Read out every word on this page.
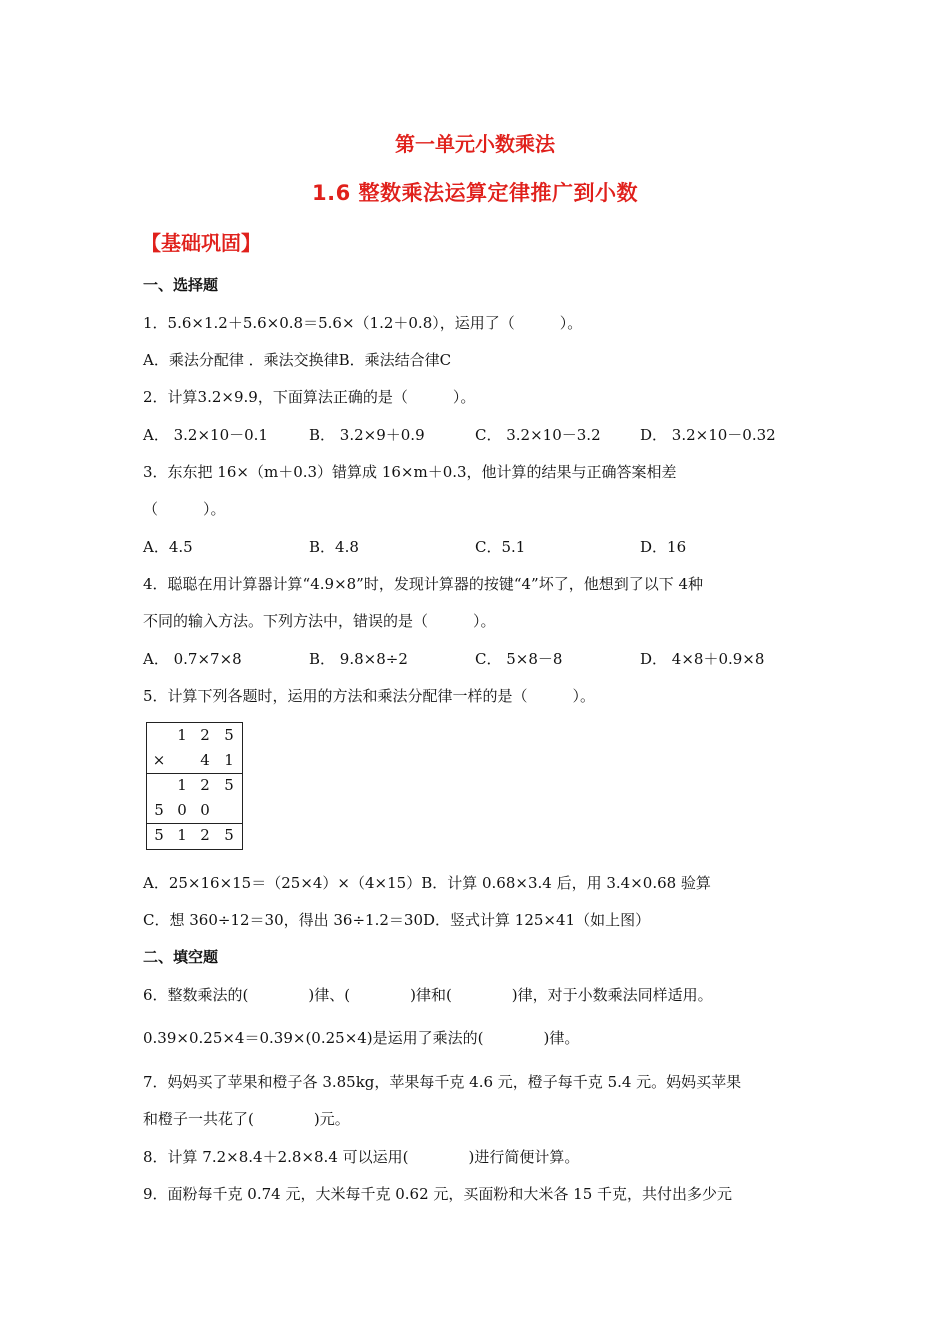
第一单元小数乘法
1.6 整数乘法运算定律推广到小数
【基础巩固】
一、选择题
1．5.6×1.2＋5.6×0.8＝5.6×（1.2＋0.8），运用了（　　　）。
A．乘法分配律 ．乘法交换律B．乘法结合律C
2．计算3.2×9.9，下面算法正确的是（　　　）。
A． 3.2×10－0.1	B． 3.2×9＋0.9	C． 3.2×10－3.2	D． 3.2×10－0.32
3．东东把 16×（m＋0.3）错算成 16×m＋0.3，他计算的结果与正确答案相差
（　　　）。
A．4.5	B．4.8	C．5.1	D．16
4．聪聪在用计算器计算“4.9×8”时，发现计算器的按键“4”坏了，他想到了以下 4种
不同的输入方法。下列方法中，错误的是（　　　）。
A． 0.7×7×8	B． 9.8×8÷2	C． 5×8－8	D． 4×8＋0.9×8
5．计算下列各题时，运用的方法和乘法分配律一样的是（　　　）。
1 2 5
×	4 1
1 2 5
5 0 0
5 1 2 5
A．25×16×15＝（25×4）×（4×15）B．计算 0.68×3.4 后，用 3.4×0.68 验算
C．想 360÷12＝30，得出 36÷1.2＝30D．竖式计算 125×41（如上图）
二、填空题
6．整数乘法的(　　　　)律、(　　　　)律和(　　　　)律，对于小数乘法同样适用。
0.39×0.25×4＝0.39×(0.25×4)是运用了乘法的(　　　　)律。
7．妈妈买了苹果和橙子各 3.85kg，苹果每千克 4.6 元，橙子每千克 5.4 元。妈妈买苹果
和橙子一共花了(　　　　)元。
8．计算 7.2×8.4＋2.8×8.4 可以运用(　　　　)进行简便计算。
9．面粉每千克 0.74 元，大米每千克 0.62 元，买面粉和大米各 15 千克，共付出多少元
